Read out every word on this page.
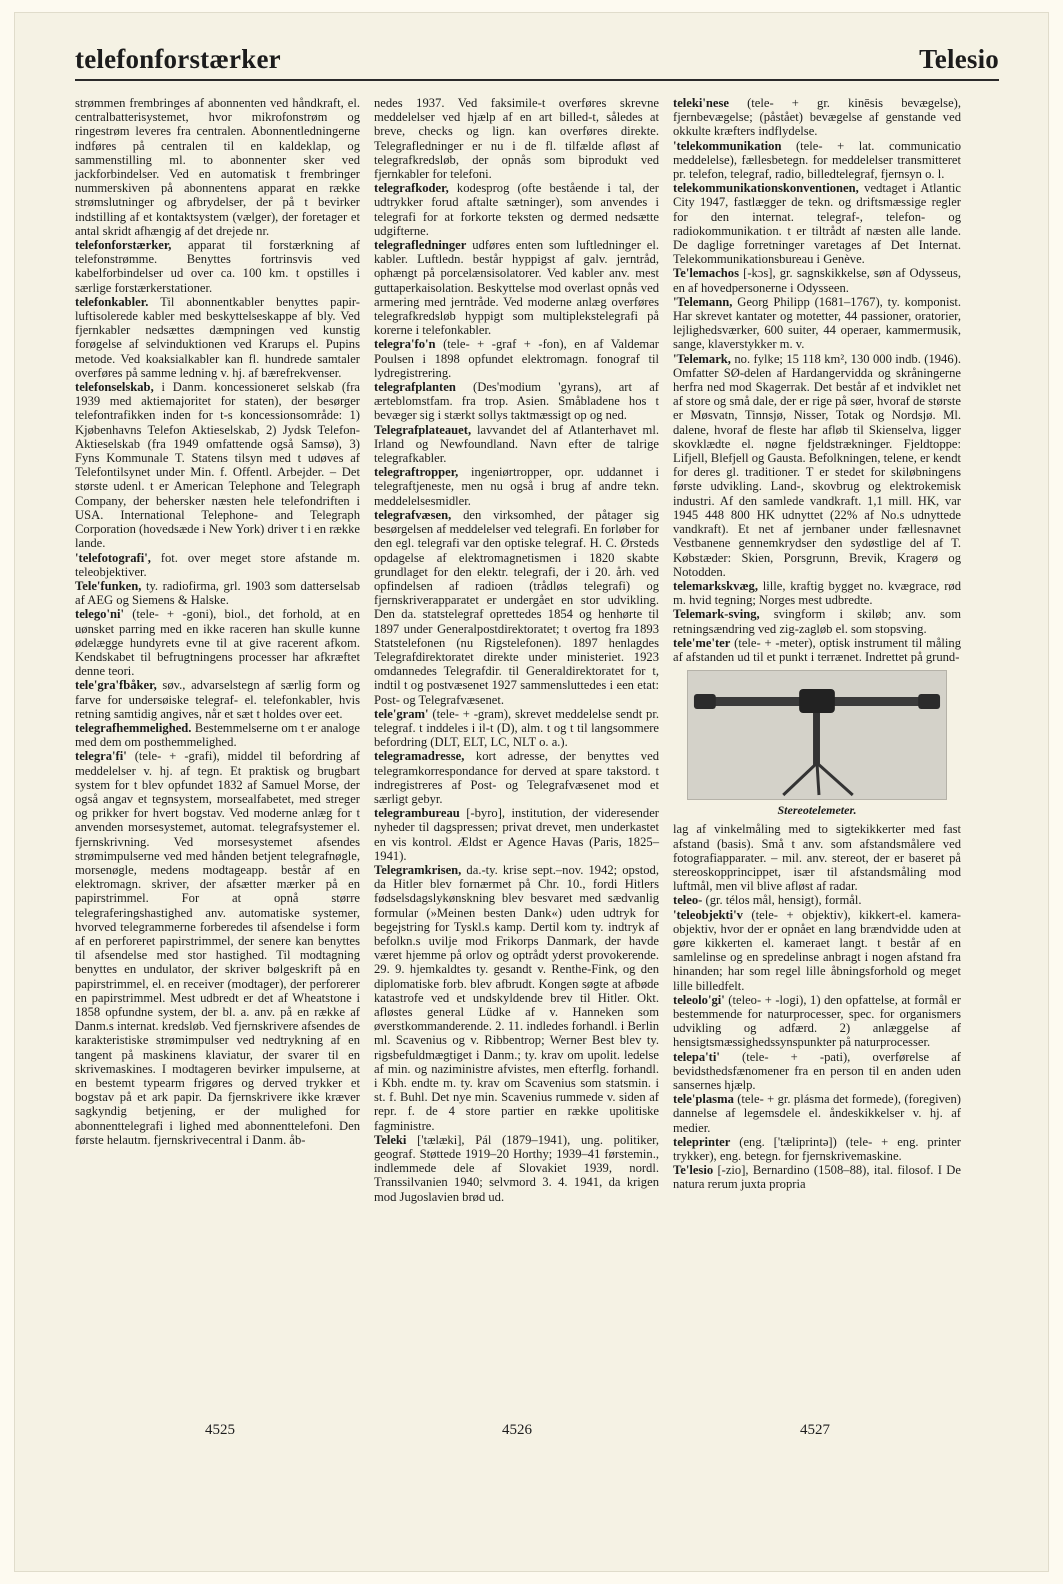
telefonforstærker	Telesio

strømmen frembringes af abonnenten ved håndkraft, el. centralbatterisystemet, hvor mikrofonstrøm og ringestrøm leveres fra centralen. Abonnentledningerne indføres på centralen til en kaldeklap, og sammenstilling ml. to abonnenter sker ved jackforbindelser. Ved en automatisk t frembringer nummerskiven på abonnentens apparat en række strømslutninger og afbrydelser, der på t bevirker indstilling af et kontaktsystem (vælger), der foretager et antal skridt afhængig af det drejede nr.

telefonforstærker, apparat til forstærkning af telefonstrømme. Benyttes fortrinsvis ved kabelforbindelser ud over ca. 100 km. t opstilles i særlige forstærkerstationer.

telefonkabler. Til abonnentkabler benyttes papir-luftisolerede kabler med beskyttelseskappe af bly. Ved fjernkabler nedsættes dæmpningen ved kunstig forøgelse af selvinduktionen ved Krarups el. Pupins metode. Ved koaksialkabler kan fl. hundrede samtaler overføres på samme ledning v. hj. af bærefrekvenser.

telefonselskab, i Danm. koncessioneret selskab (fra 1939 med aktiemajoritet for staten), der besørger telefontrafikken inden for t-s koncessionsområde: 1) Kjøbenhavns Telefon Aktieselskab, 2) Jydsk Telefon-Aktieselskab (fra 1949 omfattende også Samsø), 3) Fyns Kommunale T. Statens tilsyn med t udøves af Telefontilsynet under Min. f. Offentl. Arbejder. – Det største udenl. t er American Telephone and Telegraph Company, der behersker næsten hele telefondriften i USA. International Telephone- and Telegraph Corporation (hovedsæde i New York) driver t i en række lande.

'telefotografi', fot. over meget store afstande m. teleobjektiver.

Tele'funken, ty. radiofirma, grl. 1903 som datterselsab af AEG og Siemens & Halske.

telego'ni' (tele- + -goni), biol., det forhold, at en uønsket parring med en ikke raceren han skulle kunne ødelægge hundyrets evne til at give racerent afkom. Kendskabet til befrugtningens processer har afkræftet denne teori.

tele'gra'fbåker, søv., advarselstegn af særlig form og farve for undersøiske telegraf- el. telefonkabler, hvis retning samtidig angives, når et sæt t holdes over eet.

telegrafhemmelighed. Bestemmelserne om t er analoge med dem om posthemmelighed.

telegra'fi' (tele- + -grafi), middel til befordring af meddelelser v. hj. af tegn. Et praktisk og brugbart system for t blev opfundet 1832 af Samuel Morse, der også angav et tegnsystem, morsealfabetet, med streger og prikker for hvert bogstav. Ved moderne anlæg for t anvenden morsesystemet, automat. telegrafsystemer el. fjernskrivning. Ved morsesystemet afsendes strømimpulserne ved med hånden betjent telegrafnøgle, morsenøgle, medens modtageapp. består af en elektromagn. skriver, der afsætter mærker på en papirstrimmel. For at opnå større telegraferingshastighed anv. automatiske systemer, hvorved telegrammerne forberedes til afsendelse i form af en perforeret papirstrimmel, der senere kan benyttes til afsendelse med stor hastighed. Til modtagning benyttes en undulator, der skriver bølgeskrift på en papirstrimmel, el. en receiver (modtager), der perforerer en papirstrimmel. Mest udbredt er det af Wheatstone i 1858 opfundne system, der bl. a. anv. på en række af Danm.s internat. kredsløb. Ved fjernskrivere afsendes de karakteristiske strømimpulser ved nedtrykning af en tangent på maskinens klaviatur, der svarer til en skrivemaskines. I modtageren bevirker impulserne, at en bestemt typearm frigøres og derved trykker et bogstav på et ark papir. Da fjernskrivere ikke kræver sagkyndig betjening, er der mulighed for abonnenttelegrafi i lighed med abonnenttelefoni. Den første helautm. fjernskrivecentral i Danm. åb-

nedes 1937. Ved faksimile-t overføres skrevne meddelelser ved hjælp af en art billed-t, således at breve, checks og lign. kan overføres direkte. Telegrafledninger er nu i de fl. tilfælde afløst af telegrafkredsløb, der opnås som biprodukt ved fjernkabler for telefoni.

telegrafkoder, kodesprog (ofte bestående i tal, der udtrykker forud aftalte sætninger), som anvendes i telegrafi for at forkorte teksten og dermed nedsætte udgifterne.

telegrafledninger udføres enten som luftledninger el. kabler. Luftledn. består hyppigst af galv. jerntråd, ophængt på porcelænsisolatorer. Ved kabler anv. mest guttaperkaisolation. Beskyttelse mod overlast opnås ved armering med jerntråde. Ved moderne anlæg overføres telegrafkredsløb hyppigt som multiplekstelegrafi på korerne i telefonkabler.

telegra'fo'n (tele- + -graf + -fon), en af Valdemar Poulsen i 1898 opfundet elektromagn. fonograf til lydregistrering.

telegrafplanten (Des'modium 'gyrans), art af ærteblomstfam. fra trop. Asien. Småbladene hos t bevæger sig i stærkt sollys taktmæssigt op og ned.

Telegrafplateauet, lavvandet del af Atlanterhavet ml. Irland og Newfoundland. Navn efter de talrige telegrafkabler.

telegraftropper, ingeniørtropper, opr. uddannet i telegraftjeneste, men nu også i brug af andre tekn. meddelelsesmidler.

telegrafvæsen, den virksomhed, der påtager sig besørgelsen af meddelelser ved telegrafi. En forløber for den egl. telegrafi var den optiske telegraf. H. C. Ørsteds opdagelse af elektromagnetismen i 1820 skabte grundlaget for den elektr. telegrafi, der i 20. årh. ved opfindelsen af radioen (trådløs telegrafi) og fjernskriverapparatet er undergået en stor udvikling. Den da. statstelegraf oprettedes 1854 og henhørte til 1897 under Generalpostdirektoratet; t overtog fra 1893 Statstelefonen (nu Rigstelefonen). 1897 henlagdes Telegrafdirektoratet direkte under ministeriet. 1923 omdannedes Telegrafdir. til Generaldirektoratet for t, indtil t og postvæsenet 1927 sammensluttedes i een etat: Post- og Telegrafvæsenet.

tele'gram' (tele- + -gram), skrevet meddelelse sendt pr. telegraf. t inddeles i il-t (D), alm. t og t til langsommere befordring (DLT, ELT, LC, NLT o. a.).

telegramadresse, kort adresse, der benyttes ved telegramkorrespondance for derved at spare takstord. t indregistreres af Post- og Telegrafvæsenet mod et særligt gebyr.

telegrambureau [-byro], institution, der videresender nyheder til dagspressen; privat drevet, men underkastet en vis kontrol. Ældst er Agence Havas (Paris, 1825–1941).

Telegramkrisen, da.-ty. krise sept.–nov. 1942; opstod, da Hitler blev fornærmet på Chr. 10., fordi Hitlers fødselsdagslykønskning blev besvaret med sædvanlig formular (»Meinen besten Dank«) uden udtryk for begejstring for Tyskl.s kamp. Dertil kom ty. indtryk af befolkn.s uvilje mod Frikorps Danmark, der havde været hjemme på orlov og optrådt yderst provokerende. 29. 9. hjemkaldtes ty. gesandt v. Renthe-Fink, og den diplomatiske forb. blev afbrudt. Kongen søgte at afbøde katastrofe ved et undskyldende brev til Hitler. Okt. afløstes general Lüdke af v. Hanneken som øverstkommanderende. 2. 11. indledes forhandl. i Berlin ml. Scavenius og v. Ribbentrop; Werner Best blev ty. rigsbefuldmægtiget i Danm.; ty. krav om upolit. ledelse af min. og naziministre afvistes, men efterflg. forhandl. i Kbh. endte m. ty. krav om Scavenius som statsmin. i st. f. Buhl. Det nye min. Scavenius rummede v. siden af repr. f. de 4 store partier en række upolitiske fagministre.

Teleki ['tælæki], Pál (1879–1941), ung. politiker, geograf. Støttede 1919–20 Horthy; 1939–41 førstemin., indlemmede dele af Slovakiet 1939, nordl. Transsilvanien 1940; selvmord 3. 4. 1941, da krigen mod Jugoslavien brød ud.

teleki'nese (tele- + gr. kinēsis bevægelse), fjernbevægelse; (påstået) bevægelse af genstande ved okkulte kræfters indflydelse.

'telekommunikation (tele- + lat. communicatio meddelelse), fællesbetegn. for meddelelser transmitteret pr. telefon, telegraf, radio, billedtelegraf, fjernsyn o. l.

telekommunikationskonventionen, vedtaget i Atlantic City 1947, fastlægger de tekn. og driftsmæssige regler for den internat. telegraf-, telefon- og radiokommunikation. t er tiltrådt af næsten alle lande. De daglige forretninger varetages af Det Internat. Telekommunikationsbureau i Genève.

Te'lemachos [-kɔs], gr. sagnskikkelse, søn af Odysseus, en af hovedpersonerne i Odysseen.

'Telemann, Georg Philipp (1681–1767), ty. komponist. Har skrevet kantater og motetter, 44 passioner, oratorier, lejlighedsværker, 600 suiter, 44 operaer, kammermusik, sange, klaverstykker m. v.

'Telemark, no. fylke; 15 118 km², 130 000 indb. (1946). Omfatter SØ-delen af Hardangervidda og skråningerne herfra ned mod Skagerrak. Det består af et indviklet net af store og små dale, der er rige på søer, hvoraf de største er Møsvatn, Tinnsjø, Nisser, Totak og Nordsjø. Ml. dalene, hvoraf de fleste har afløb til Skienselva, ligger skovklædte el. nøgne fjeldstrækninger. Fjeldtoppe: Lifjell, Blefjell og Gausta. Befolkningen, telene, er kendt for deres gl. traditioner. T er stedet for skiløbningens første udvikling. Land-, skovbrug og elektrokemisk industri. Af den samlede vandkraft. 1,1 mill. HK, var 1945 448 800 HK udnyttet (22% af No.s udnyttede vandkraft). Et net af jernbaner under fællesnavnet Vestbanene gennemkrydser den sydøstlige del af T. Købstæder: Skien, Porsgrunn, Brevik, Kragerø og Notodden.

telemarkskvæg, lille, kraftig bygget no. kvægrace, rød m. hvid tegning; Norges mest udbredte.

Telemark-sving, svingform i skiløb; anv. som retningsændring ved zig-zagløb el. som stopsving.

tele'me'ter (tele- + -meter), optisk instrument til måling af afstanden ud til et punkt i terrænet. Indrettet på grund-

Stereotelemeter.

lag af vinkelmåling med to sigtekikkerter med fast afstand (basis). Små t anv. som afstandsmålere ved fotografiapparater. – mil. anv. stereot, der er baseret på stereoskopprincippet, især til afstandsmåling mod luftmål, men vil blive afløst af radar.

teleo- (gr. télos mål, hensigt), formål.

'teleobjekti'v (tele- + objektiv), kikkert-el. kamera-objektiv, hvor der er opnået en lang brændvidde uden at gøre kikkerten el. kameraet langt. t består af en samlelinse og en spredelinse anbragt i nogen afstand fra hinanden; har som regel lille åbningsforhold og meget lille billedfelt.

teleolo'gi' (teleo- + -logi), 1) den opfattelse, at formål er bestemmende for naturprocesser, spec. for organismers udvikling og adfærd. 2) anlæggelse af hensigtsmæssighedssynspunkter på naturprocesser.

telepa'ti' (tele- + -pati), overførelse af bevidsthedsfænomener fra en person til en anden uden sansernes hjælp.

tele'plasma (tele- + gr. plásma det formede), (foregiven) dannelse af legemsdele el. åndeskikkelser v. hj. af medier.

teleprinter (eng. ['tæliprintə]) (tele- + eng. printer trykker), eng. betegn. for fjernskrivemaskine.

Te'lesio [-zio], Bernardino (1508–88), ital. filosof. I De natura rerum juxta propria

4525	4526	4527
